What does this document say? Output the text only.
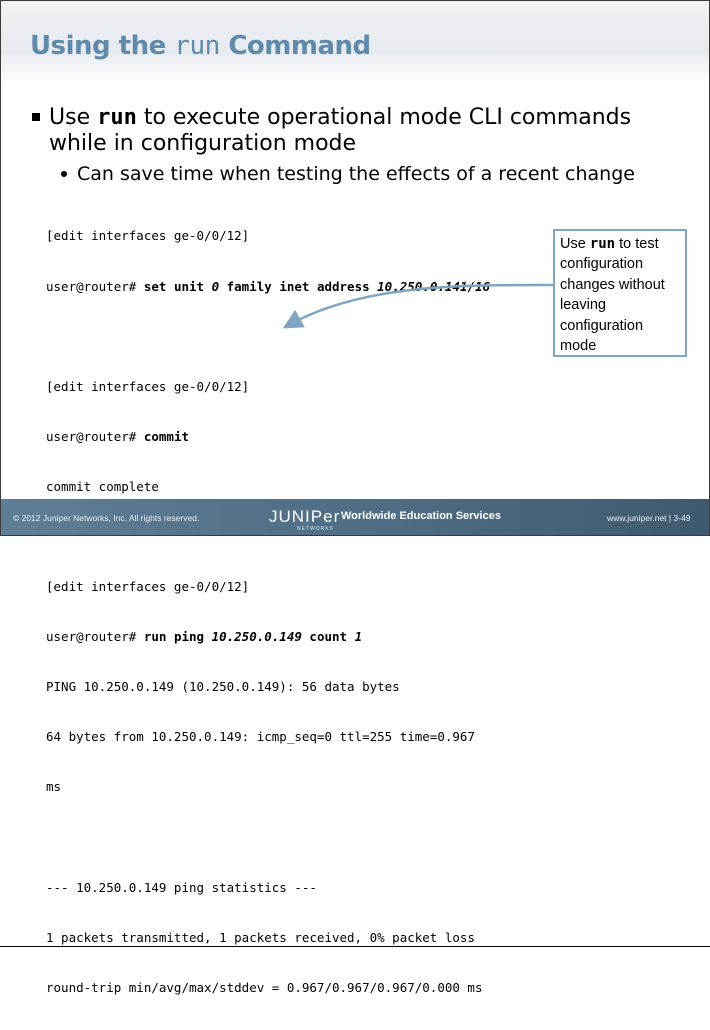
Using the run Command
Use run to execute operational mode CLI commands while in configuration mode
Can save time when testing the effects of a recent change

[edit interfaces ge-0/0/12]

user@router# set unit 0 family inet address 10.250.0.141/16

[edit interfaces ge-0/0/12]

user@router# commit

commit complete

[edit interfaces ge-0/0/12]

user@router# run ping 10.250.0.149 count 1

PING 10.250.0.149 (10.250.0.149): 56 data bytes

64 bytes from 10.250.0.149: icmp_seq=0 ttl=255 time=0.967

ms

--- 10.250.0.149 ping statistics ---

1 packets transmitted, 1 packets received, 0% packet loss

round-trip min/avg/max/stddev = 0.967/0.967/0.967/0.000 ms

Use run to test configuration changes without leaving configuration mode
© 2012 Juniper Networks, Inc. All rights reserved.	JUNIPer
NETWORKS
Worldwide Education Services	www.juniper.net | 3-49
